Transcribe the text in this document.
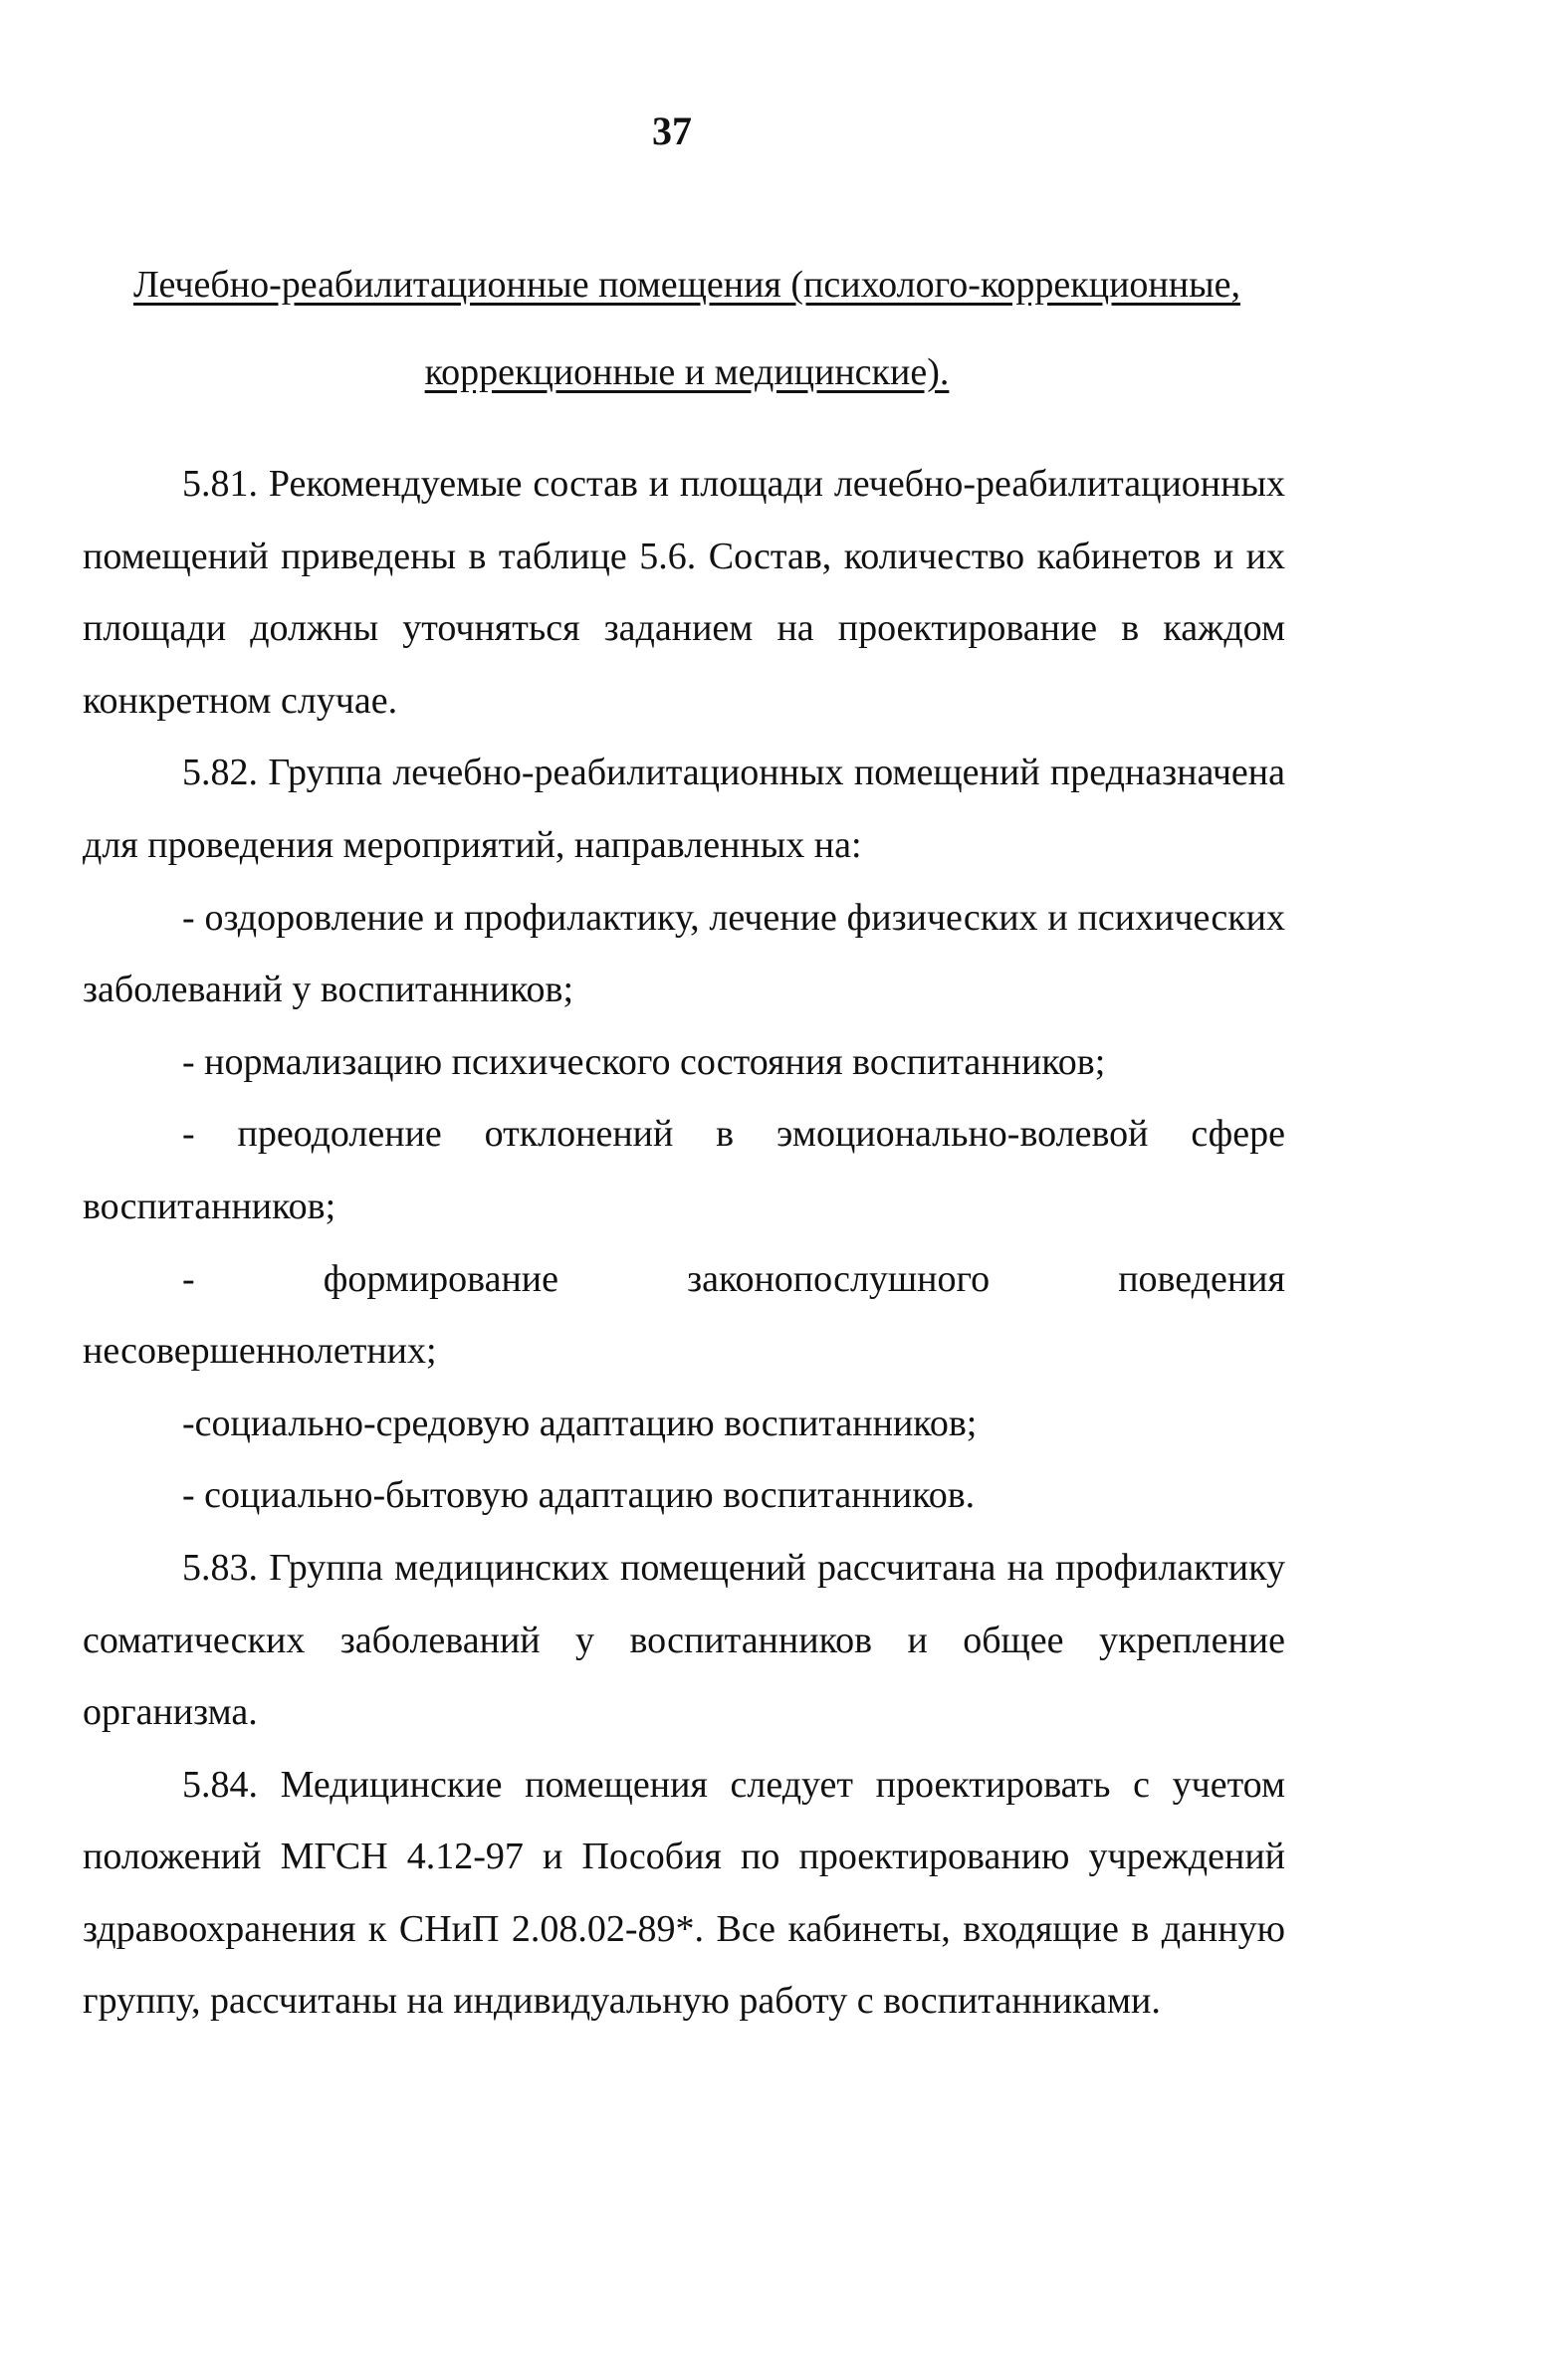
37
Лечебно-реабилитационные помещения (психолого-коррекционные,
коррекционные и медицинские).

5.81. Рекомендуемые состав и площади лечебно-реабилитационных помещений приведены в таблице 5.6. Состав, количество кабинетов и их площади должны уточняться заданием на проектирование в каждом конкретном случае.

5.82. Группа лечебно-реабилитационных помещений предназначена для проведения мероприятий, направленных на:

- оздоровление и профилактику, лечение физических и психических заболеваний у воспитанников;

- нормализацию психического состояния воспитанников;

- преодоление отклонений в эмоционально-волевой сфере воспитанников;

- формирование законопослушного поведения несовершеннолетних;

-социально-средовую адаптацию воспитанников;

- социально-бытовую адаптацию воспитанников.

5.83. Группа медицинских помещений рассчитана на профилактику соматических заболеваний у воспитанников и общее укрепление организма.

5.84. Медицинские помещения следует проектировать с учетом положений МГСН 4.12-97 и Пособия по проектированию учреждений здравоохранения к СНиП 2.08.02-89*. Все кабинеты, входящие в данную группу, рассчитаны на индивидуальную работу с воспитанниками.
